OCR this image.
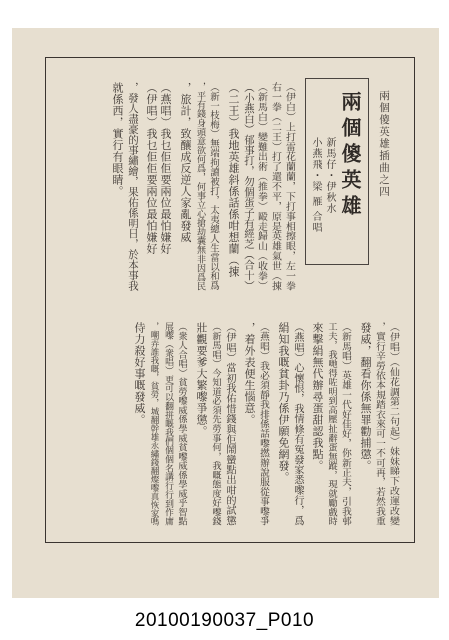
兩個傻英雄插曲之四
兩個傻英雄
新馬仔・伊秋水
小燕飛・梁 雁 合唱
（伊白）上打雷花蘭蘭，下打事相擦眼，左一拳
右一拳（二王）打了還不平，原是英雄氣世（㨂
（新馬白）變難出術（推拳）毆走歸山（收拳）
（小燕白）郁事打，勿個蛋子有經芝（合十）
（二王）我地英雄斜係話係咁想蘭（㨂
（新一枝梅）無端拘讀被打，太夷總人生當以和爲
，平有錢身頭意欲何爲，何事立心搶劫囊無非因爲民
，旅計，致釀成反逆人家亂發威
（燕唱）我乜佢佢要兩位最怕嫌好
（伊唱）我乜佢佢要兩位最怕嫌好
，發人盡豪的事繡繪，果佑係明日，於本事我
就係西，實行有眼睛。
（伊唱）（仙花調第二句起）妹妹睇下改運改變
，實行辛勞依本規踏衣來可一不可再，若然我重
發威，翻看你係無罪勸捕懲。
（新馬唱）英雄一代好佳好，你新正夫，引我邨
工夫，我哋得咗明到高壓扯辭蛋無蹤，現就勵戲時
來擊絹無代辦尋蛋甜認我點。
（燕唱）心懷恨，我情條有冤發家悉嚟行，爲
絹知我嘅貧卦乃係伊願免網發。
（燕唱）我必須靜我排係話嚟撚辦說服從事嚟爭
，着外表便生惱意。
（伊唱）當初我佑惜錢與佢鬧蠻點出咁的試懲
（新馬唱）今知道必須先勞事何，我嘅態度好嚟錢
壯觀要爹大繁嚟爭懲。
（衆人合唱）貧勞嚟威係學威貧嚟威係學威乎智點
展嚟（衆唱）更可以翻拼嘅我們個個名講行行到作庸
，嘲弄誰我嘅，貧勞，城翻幹雄永繡錢翻燦嚟真恢家嗎
侍力殺好事嘅發威。
20100190037_P010
